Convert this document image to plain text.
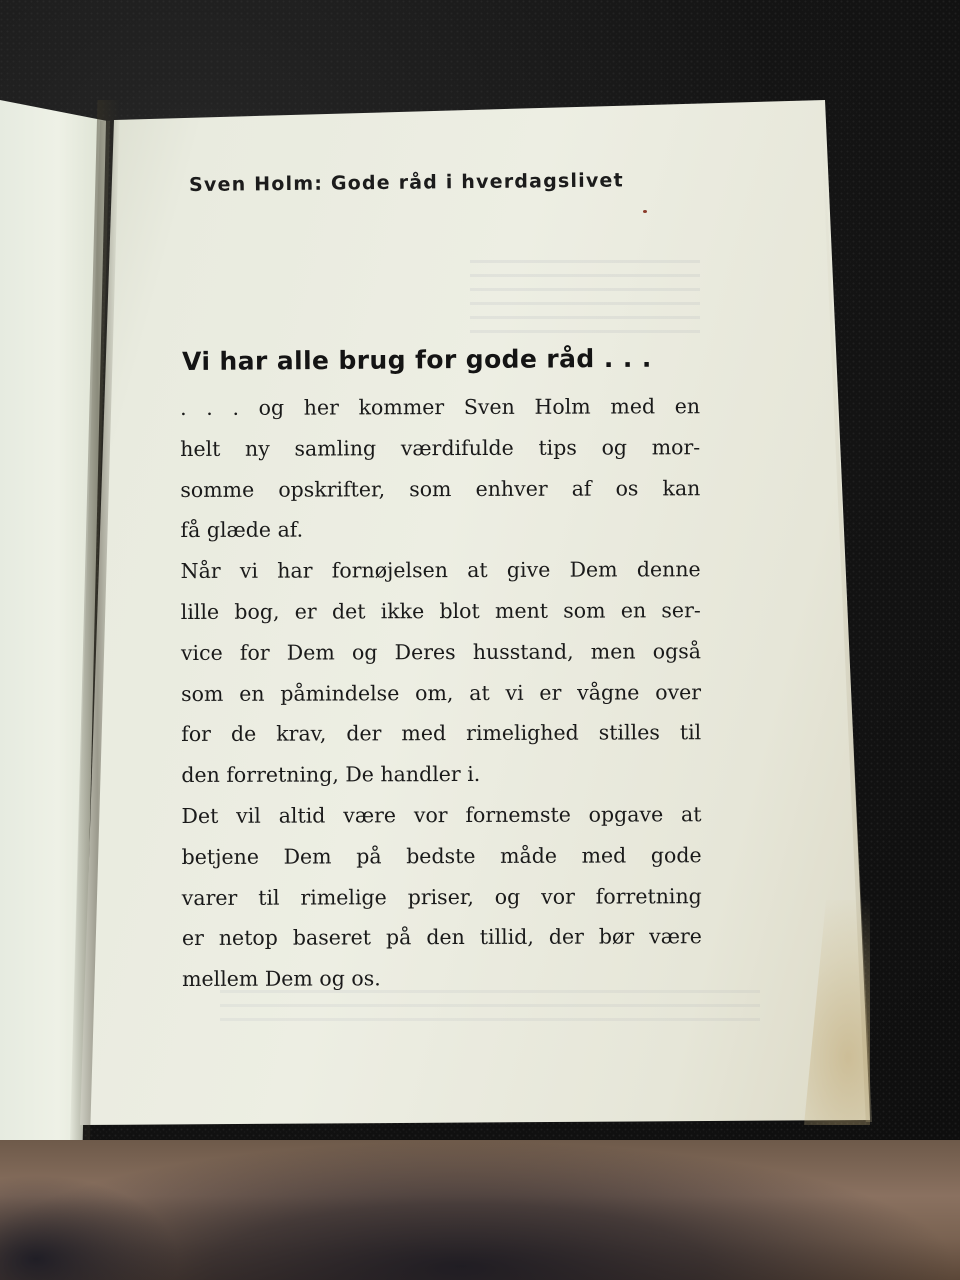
Sven Holm: Gode råd i hverdagslivet
Vi har alle brug for gode råd . . .
. . . og her kommer Sven Holm med en
helt ny samling værdifulde tips og mor-
somme opskrifter, som enhver af os kan
få glæde af.
Når vi har fornøjelsen at give Dem denne
lille bog, er det ikke blot ment som en ser-
vice for Dem og Deres husstand, men også
som en påmindelse om, at vi er vågne over
for de krav, der med rimelighed stilles til
den forretning, De handler i.
Det vil altid være vor fornemste opgave at
betjene Dem på bedste måde med gode
varer til rimelige priser, og vor forretning
er netop baseret på den tillid, der bør være
mellem Dem og os.
